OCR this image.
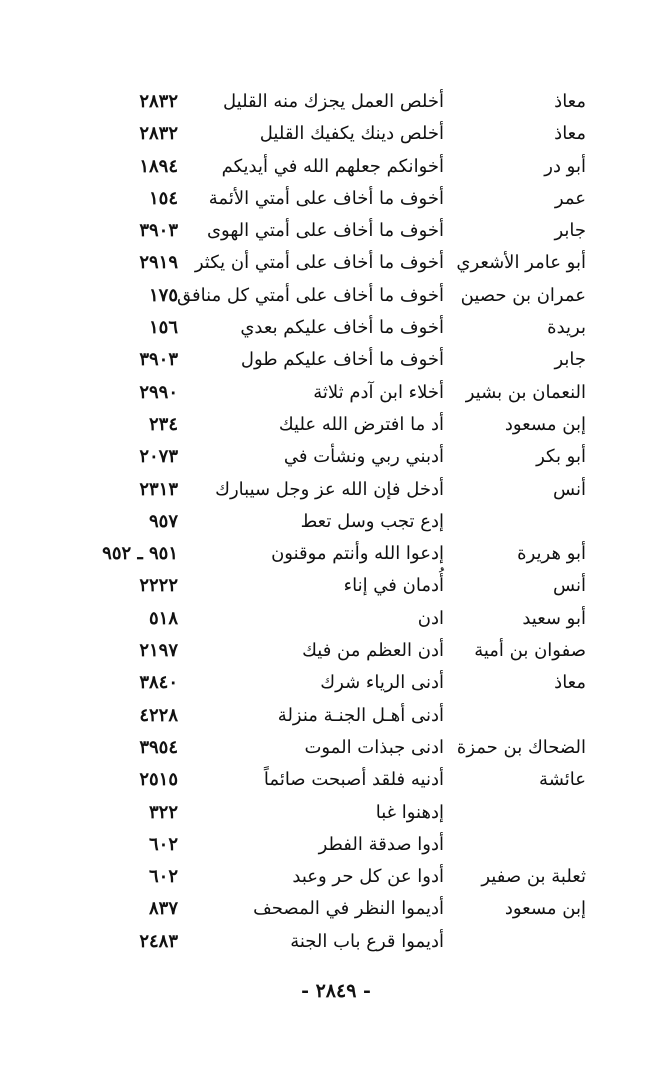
معاذ
أخلص العمل يجزك منه القليل
٢٨٣٢
معاذ
أخلص دينك يكفيك القليل
٢٨٣٢
أبو در
أخوانكم جعلهم الله في أيديكم
١٨٩٤
عمر
أخوف ما أخاف على أمتي الأئمة
١٥٤
جابر
أخوف ما أخاف على أمتي الهوى
٣٩٠٣
أبو عامر الأشعري
أخوف ما أخاف على أمتي أن يكثر
٢٩١٩
عمران بن حصين
أخوف ما أخاف على أمتي كل منافق
١٧٥
بريدة
أخوف ما أخاف عليكم بعدي
١٥٦
جابر
أخوف ما أخاف عليكم طول
٣٩٠٣
النعمان بن بشير
أخلاء ابن آدم ثلاثة
٢٩٩٠
إبن مسعود
أد ما افترض الله عليك
٢٣٤
أبو بكر
أدبني ربي ونشأت في
٢٠٧٣
أنس
أدخل فإن الله عز وجل سيبارك
٢٣١٣
إدع تجب وسل تعط
٩٥٧
أبو هريرة
إدعوا الله وأنتم موقنون
٩٥١ ـ ٩٥٢
أنس
أُدمان في إناء
٢٢٢٢
أبو سعيد
ادن
٥١٨
صفوان بن أمية
أدن العظم من فيك
٢١٩٧
معاذ
أدنى الرياء شرك
٣٨٤٠
أدنى أهـل الجنـة منزلة
٤٢٢٨
الضحاك بن حمزة
ادنى جبذات الموت
٣٩٥٤
عائشة
أدنيه فلقد أصبحت صائماً
٢٥١٥
إدهنوا غبا
٣٢٢
أدوا صدقة الفطر
٦٠٢
ثعلبة بن صفير
أدوا عن كل حر وعبد
٦٠٢
إبن مسعود
أديموا النظر في المصحف
٨٣٧
أديموا قرع باب الجنة
٢٤٨٣
- ٢٨٤٩ -
